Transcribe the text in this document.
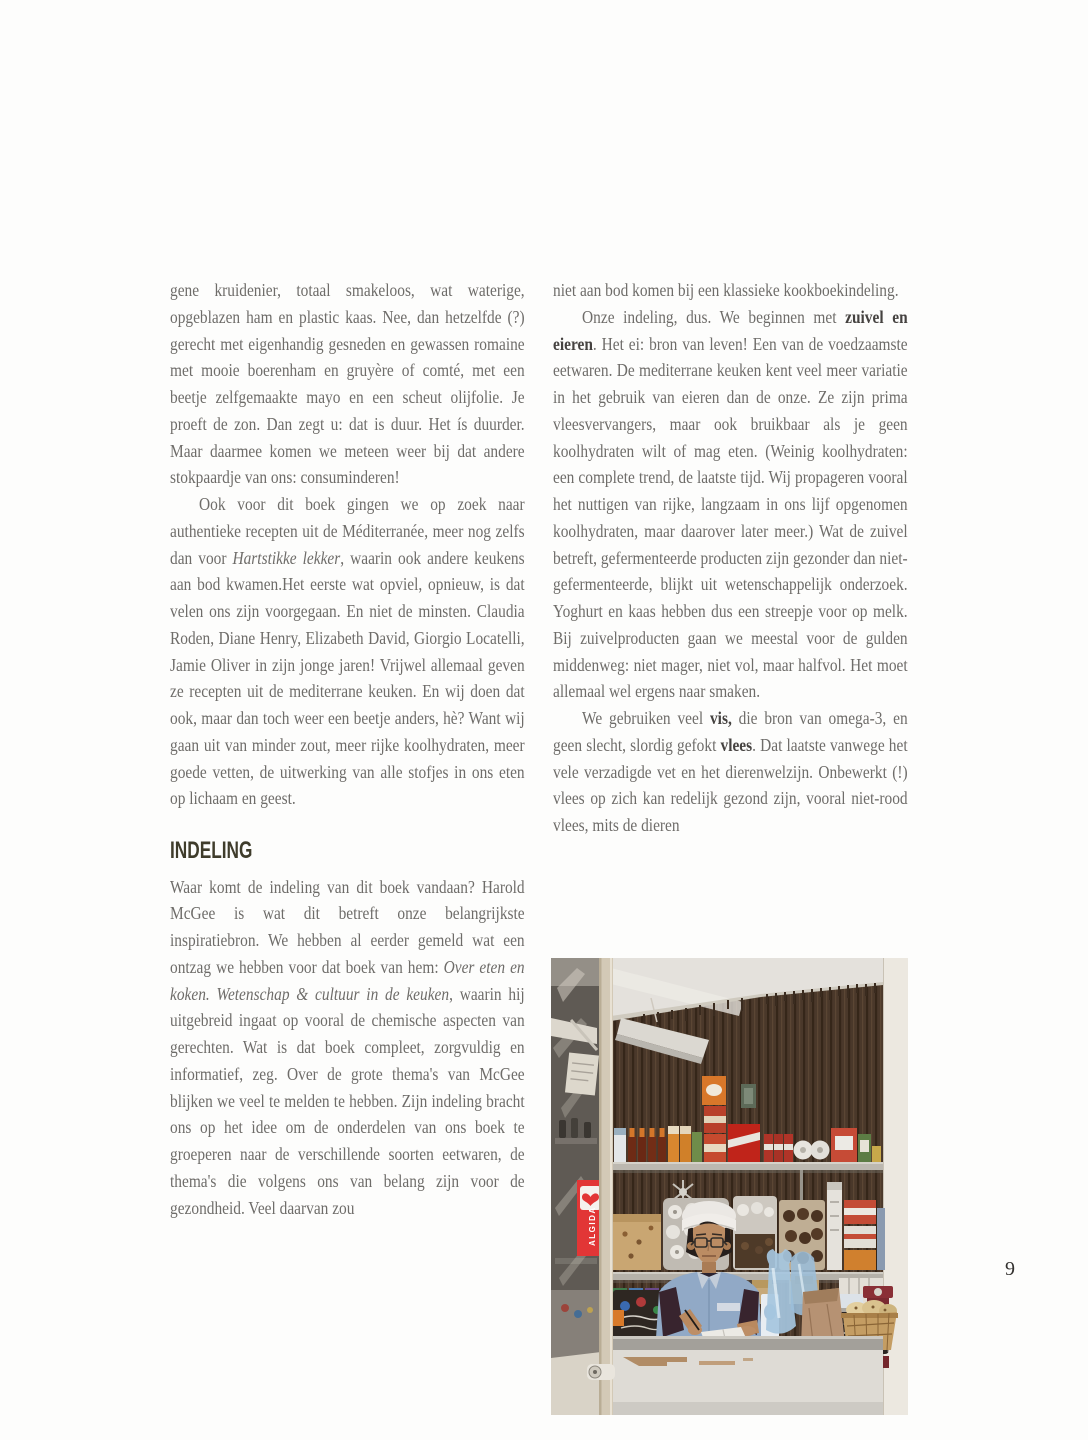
gene kruidenier, totaal smakeloos, wat waterige, opgeblazen ham en plastic kaas. Nee, dan hetzelfde (?) gerecht met eigenhandig gesneden en gewassen romaine met mooie boerenham en gruyère of comté, met een beetje zelfgemaakte mayo en een scheut olijfolie. Je proeft de zon. Dan zegt u: dat is duur. Het ís duurder. Maar daarmee komen we meteen weer bij dat andere stokpaardje van ons: consuminderen!

Ook voor dit boek gingen we op zoek naar authentieke recepten uit de Méditerranée, meer nog zelfs dan voor Hartstikke lekker, waarin ook andere keukens aan bod kwamen.Het eerste wat opviel, opnieuw, is dat velen ons zijn voorgegaan. En niet de minsten. Claudia Roden, Diane Henry, Elizabeth David, Giorgio Locatelli, Jamie Oliver in zijn jonge jaren! Vrijwel allemaal geven ze recepten uit de mediterrane keuken. En wij doen dat ook, maar dan toch weer een beetje anders, hè? Want wij gaan uit van minder zout, meer rijke koolhydraten, meer goede vetten, de uitwerking van alle stofjes in ons eten op lichaam en geest.

INDELING

Waar komt de indeling van dit boek vandaan? Harold McGee is wat dit betreft onze belangrijkste inspiratiebron. We hebben al eerder gemeld wat een ontzag we hebben voor dat boek van hem: Over eten en koken. Wetenschap & cultuur in de keuken, waarin hij uitgebreid ingaat op vooral de chemische aspecten van gerechten. Wat is dat boek compleet, zorgvuldig en informatief, zeg. Over de grote thema's van McGee blijken we veel te melden te hebben. Zijn indeling bracht ons op het idee om de onderdelen van ons boek te groeperen naar de verschillende soorten eetwaren, de thema's die volgens ons van belang zijn voor de gezondheid. Veel daarvan zou

niet aan bod komen bij een klassieke kookboekindeling.

Onze indeling, dus. We beginnen met zuivel en eieren. Het ei: bron van leven! Een van de voedzaamste eetwaren. De mediterrane keuken kent veel meer variatie in het gebruik van eieren dan de onze. Ze zijn prima vleesvervangers, maar ook bruikbaar als je geen koolhydraten wilt of mag eten. (Weinig koolhydraten: een complete trend, de laatste tijd. Wij propageren vooral het nuttigen van rijke, langzaam in ons lijf opgenomen koolhydraten, maar daarover later meer.) Wat de zuivel betreft, gefermenteerde producten zijn gezonder dan niet-gefermenteerde, blijkt uit wetenschappelijk onderzoek. Yoghurt en kaas hebben dus een streepje voor op melk. Bij zuivelproducten gaan we meestal voor de gulden middenweg: niet mager, niet vol, maar halfvol. Het moet allemaal wel ergens naar smaken.

We gebruiken veel vis, die bron van omega-3, en geen slecht, slordig gefokt vlees. Dat laatste vanwege het vele verzadigde vet en het dierenwelzijn. Onbewerkt (!) vlees op zich kan redelijk gezond zijn, vooral niet-rood vlees, mits de dieren

ALGIDA
9
